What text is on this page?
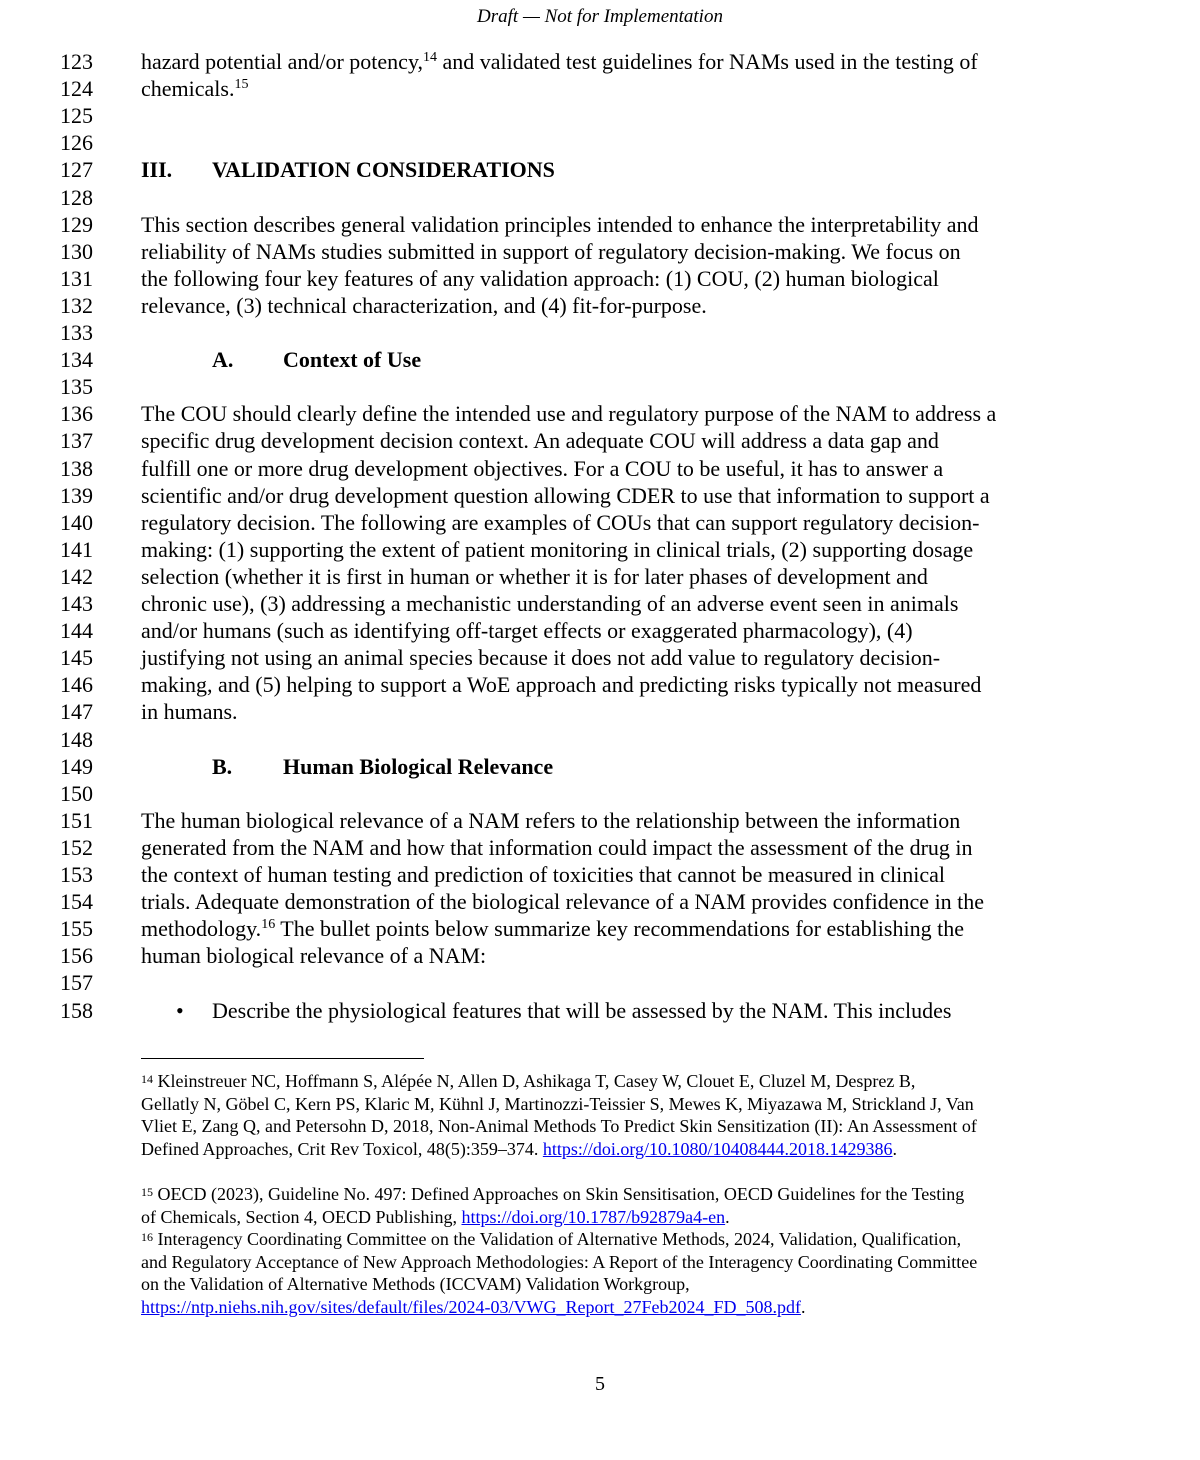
Draft — Not for Implementation
123	hazard potential and/or potency,$^{14}$ and validated test guidelines for NAMs used in the testing of
124	chemicals.$^{15}$
125
126
127	III. VALIDATION CONSIDERATIONS
128
129	This section describes general validation principles intended to enhance the interpretability and
130	reliability of NAMs studies submitted in support of regulatory decision-making. We focus on
131	the following four key features of any validation approach: (1) COU, (2) human biological
132	relevance, (3) technical characterization, and (4) fit-for-purpose.
133
134	A. Context of Use
135
136	The COU should clearly define the intended use and regulatory purpose of the NAM to address a
137	specific drug development decision context. An adequate COU will address a data gap and
138	fulfill one or more drug development objectives. For a COU to be useful, it has to answer a
139	scientific and/or drug development question allowing CDER to use that information to support a
140	regulatory decision. The following are examples of COUs that can support regulatory decision-
141	making: (1) supporting the extent of patient monitoring in clinical trials, (2) supporting dosage
142	selection (whether it is first in human or whether it is for later phases of development and
143	chronic use), (3) addressing a mechanistic understanding of an adverse event seen in animals
144	and/or humans (such as identifying off-target effects or exaggerated pharmacology), (4)
145	justifying not using an animal species because it does not add value to regulatory decision-
146	making, and (5) helping to support a WoE approach and predicting risks typically not measured
147	in humans.
148
149	B. Human Biological Relevance
150
151	The human biological relevance of a NAM refers to the relationship between the information
152	generated from the NAM and how that information could impact the assessment of the drug in
153	the context of human testing and prediction of toxicities that cannot be measured in clinical
154	trials. Adequate demonstration of the biological relevance of a NAM provides confidence in the
155	methodology.$^{16}$ The bullet points below summarize key recommendations for establishing the
156	human biological relevance of a NAM:
157
158	• Describe the physiological features that will be assessed by the NAM. This includes
$^{14}$ Kleinstreuer NC, Hoffmann S, Alépée N, Allen D, Ashikaga T, Casey W, Clouet E, Cluzel M, Desprez B,
Gellatly N, Göbel C, Kern PS, Klaric M, Kühnl J, Martinozzi-Teissier S, Mewes K, Miyazawa M, Strickland J, Van
Vliet E, Zang Q, and Petersohn D, 2018, Non-Animal Methods To Predict Skin Sensitization (II): An Assessment of
Defined Approaches, Crit Rev Toxicol, 48(5):359–374. https://doi.org/10.1080/10408444.2018.1429386.
$^{15}$ OECD (2023), Guideline No. 497: Defined Approaches on Skin Sensitisation, OECD Guidelines for the Testing
of Chemicals, Section 4, OECD Publishing, https://doi.org/10.1787/b92879a4-en.
$^{16}$ Interagency Coordinating Committee on the Validation of Alternative Methods, 2024, Validation, Qualification,
and Regulatory Acceptance of New Approach Methodologies: A Report of the Interagency Coordinating Committee
on the Validation of Alternative Methods (ICCVAM) Validation Workgroup,
https://ntp.niehs.nih.gov/sites/default/files/2024-03/VWG_Report_27Feb2024_FD_508.pdf.
5
